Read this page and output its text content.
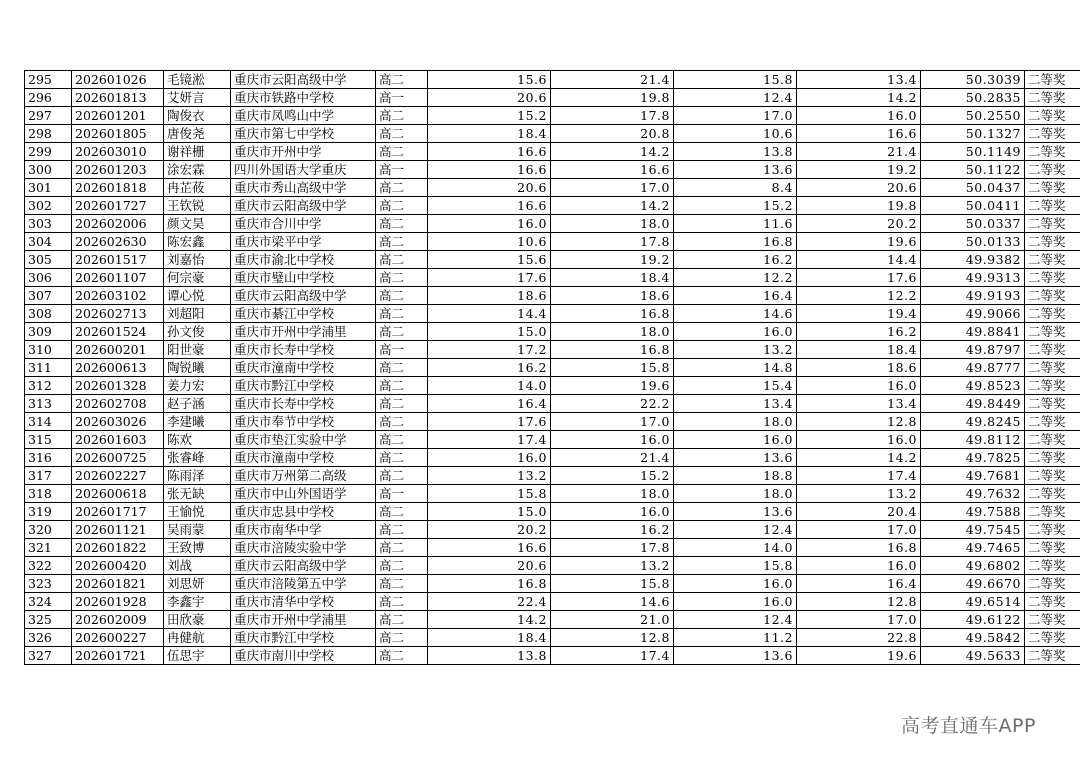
295	202601026	毛镜淞	重庆市云阳高级中学	高二	15.6	21.4	15.8	13.4	50.3039	二等奖
296	202601813	艾妍言	重庆市铁路中学校	高一	20.6	19.8	12.4	14.2	50.2835	二等奖
297	202601201	陶俊衣	重庆市凤鸣山中学	高二	15.2	17.8	17.0	16.0	50.2550	二等奖
298	202601805	唐俊尧	重庆市第七中学校	高二	18.4	20.8	10.6	16.6	50.1327	二等奖
299	202603010	谢祥栅	重庆市开州中学	高二	16.6	14.2	13.8	21.4	50.1149	二等奖
300	202601203	涂宏霖	四川外国语大学重庆	高一	16.6	16.6	13.6	19.2	50.1122	二等奖
301	202601818	冉芷莜	重庆市秀山高级中学	高二	20.6	17.0	8.4	20.6	50.0437	二等奖
302	202601727	王钦锐	重庆市云阳高级中学	高二	16.6	14.2	15.2	19.8	50.0411	二等奖
303	202602006	颜文昊	重庆市合川中学	高二	16.0	18.0	11.6	20.2	50.0337	二等奖
304	202602630	陈宏鑫	重庆市梁平中学	高二	10.6	17.8	16.8	19.6	50.0133	二等奖
305	202601517	刘嘉怡	重庆市渝北中学校	高二	15.6	19.2	16.2	14.4	49.9382	二等奖
306	202601107	何宗豪	重庆市璧山中学校	高二	17.6	18.4	12.2	17.6	49.9313	二等奖
307	202603102	谭心悦	重庆市云阳高级中学	高二	18.6	18.6	16.4	12.2	49.9193	二等奖
308	202602713	刘超阳	重庆市綦江中学校	高二	14.4	16.8	14.6	19.4	49.9066	二等奖
309	202601524	孙文俊	重庆市开州中学浦里	高二	15.0	18.0	16.0	16.2	49.8841	二等奖
310	202600201	阳世豪	重庆市长寿中学校	高一	17.2	16.8	13.2	18.4	49.8797	二等奖
311	202600613	陶锐曦	重庆市潼南中学校	高二	16.2	15.8	14.8	18.6	49.8777	二等奖
312	202601328	姜力宏	重庆市黔江中学校	高二	14.0	19.6	15.4	16.0	49.8523	二等奖
313	202602708	赵子涵	重庆市长寿中学校	高二	16.4	22.2	13.4	13.4	49.8449	二等奖
314	202603026	李建曦	重庆市奉节中学校	高二	17.6	17.0	18.0	12.8	49.8245	二等奖
315	202601603	陈欢	重庆市垫江实验中学	高二	17.4	16.0	16.0	16.0	49.8112	二等奖
316	202600725	张睿峰	重庆市潼南中学校	高二	16.0	21.4	13.6	14.2	49.7825	二等奖
317	202602227	陈雨泽	重庆市万州第二高级	高二	13.2	15.2	18.8	17.4	49.7681	二等奖
318	202600618	张无缺	重庆市中山外国语学	高一	15.8	18.0	18.0	13.2	49.7632	二等奖
319	202601717	王愉悦	重庆市忠县中学校	高二	15.0	16.0	13.6	20.4	49.7588	二等奖
320	202601121	吴雨蒙	重庆市南华中学	高二	20.2	16.2	12.4	17.0	49.7545	二等奖
321	202601822	王致博	重庆市涪陵实验中学	高二	16.6	17.8	14.0	16.8	49.7465	二等奖
322	202600420	刘战	重庆市云阳高级中学	高二	20.6	13.2	15.8	16.0	49.6802	二等奖
323	202601821	刘思妍	重庆市涪陵第五中学	高二	16.8	15.8	16.0	16.4	49.6670	二等奖
324	202601928	李鑫宇	重庆市清华中学校	高二	22.4	14.6	16.0	12.8	49.6514	二等奖
325	202602009	田欣豪	重庆市开州中学浦里	高二	14.2	21.0	12.4	17.0	49.6122	二等奖
326	202600227	冉健航	重庆市黔江中学校	高二	18.4	12.8	11.2	22.8	49.5842	二等奖
327	202601721	伍思宇	重庆市南川中学校	高二	13.8	17.4	13.6	19.6	49.5633	二等奖
高考直通车APP
